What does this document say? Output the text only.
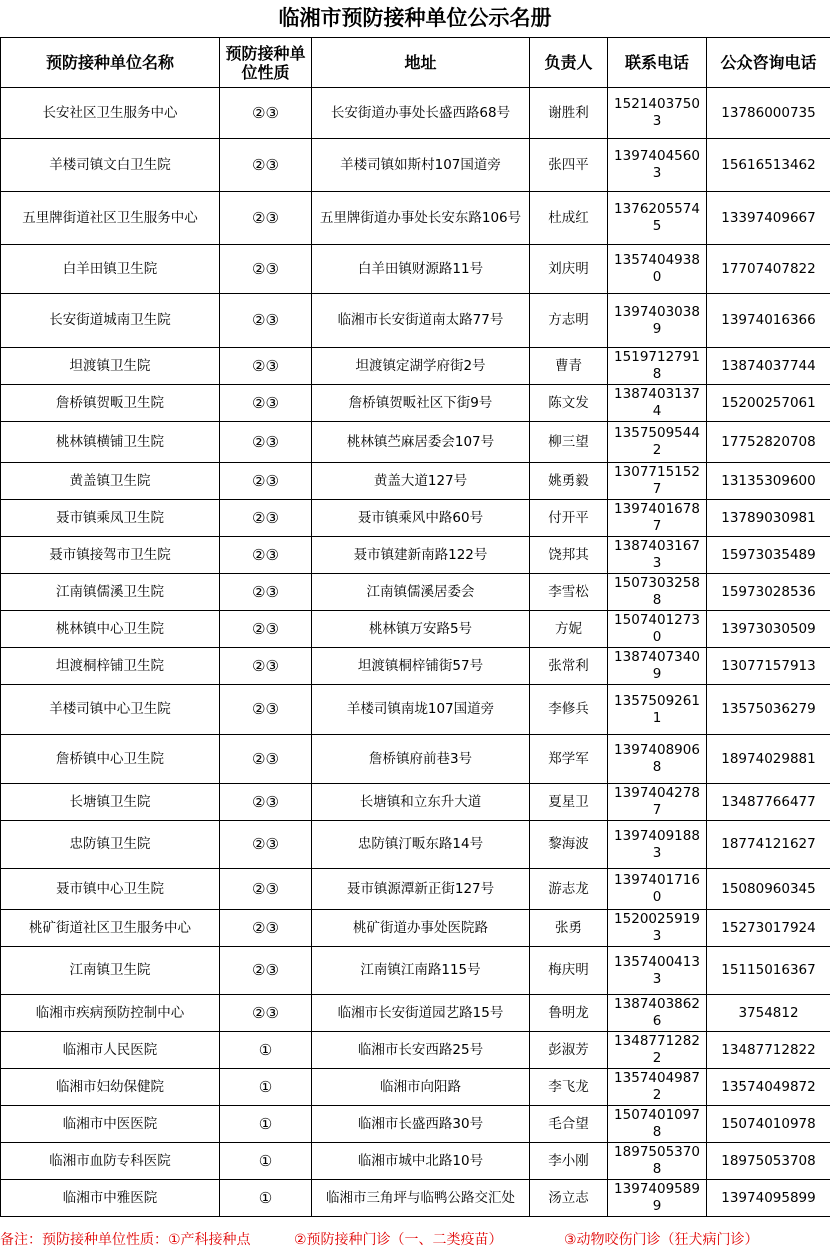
临湘市预防接种单位公示名册
预防接种单位名称	预防接种单位性质	地址	负责人	联系电话	公众咨询电话
长安社区卫生服务中心	②③	长安街道办事处长盛西路68号	谢胜利	15214037503	13786000735
羊楼司镇文白卫生院	②③	羊楼司镇如斯村107国道旁	张四平	13974045603	15616513462
五里牌街道社区卫生服务中心	②③	五里牌街道办事处长安东路106号	杜成红	13762055745	13397409667
白羊田镇卫生院	②③	白羊田镇财源路11号	刘庆明	13574049380	17707407822
长安街道城南卫生院	②③	临湘市长安街道南太路77号	方志明	13974030389	13974016366
坦渡镇卫生院	②③	坦渡镇定湖学府街2号	曹青	15197127918	13874037744
詹桥镇贺畈卫生院	②③	詹桥镇贺畈社区下街9号	陈文发	13874031374	15200257061
桃林镇横铺卫生院	②③	桃林镇苎麻居委会107号	柳三望	13575095442	17752820708
黄盖镇卫生院	②③	黄盖大道127号	姚勇毅	13077151527	13135309600
聂市镇乘凤卫生院	②③	聂市镇乘风中路60号	付开平	13974016787	13789030981
聂市镇接驾市卫生院	②③	聂市镇建新南路122号	饶邦其	13874031673	15973035489
江南镇儒溪卫生院	②③	江南镇儒溪居委会	李雪松	15073032588	15973028536
桃林镇中心卫生院	②③	桃林镇万安路5号	方妮	15074012730	13973030509
坦渡桐梓铺卫生院	②③	坦渡镇桐梓铺街57号	张常利	13874073409	13077157913
羊楼司镇中心卫生院	②③	羊楼司镇南垅107国道旁	李修兵	13575092611	13575036279
詹桥镇中心卫生院	②③	詹桥镇府前巷3号	郑学军	13974089068	18974029881
长塘镇卫生院	②③	长塘镇和立东升大道	夏星卫	13974042787	13487766477
忠防镇卫生院	②③	忠防镇汀畈东路14号	黎海波	13974091883	18774121627
聂市镇中心卫生院	②③	聂市镇源潭新正街127号	游志龙	13974017160	15080960345
桃矿街道社区卫生服务中心	②③	桃矿街道办事处医院路	张勇	15200259193	15273017924
江南镇卫生院	②③	江南镇江南路115号	梅庆明	13574004133	15115016367
临湘市疾病预防控制中心	②③	临湘市长安街道园艺路15号	鲁明龙	13874038626	3754812
临湘市人民医院	①	临湘市长安西路25号	彭淑芳	13487712822	13487712822
临湘市妇幼保健院	①	临湘市向阳路	李飞龙	13574049872	13574049872
临湘市中医医院	①	临湘市长盛西路30号	毛合望	15074010978	15074010978
临湘市血防专科医院	①	临湘市城中北路10号	李小刚	18975053708	18975053708
临湘市中雅医院	①	临湘市三角坪与临鸭公路交汇处	汤立志	13974095899	13974095899
备注：预防接种单位性质：①产科接种点	②预防接种门诊（一、二类疫苗）	③动物咬伤门诊（狂犬病门诊）
